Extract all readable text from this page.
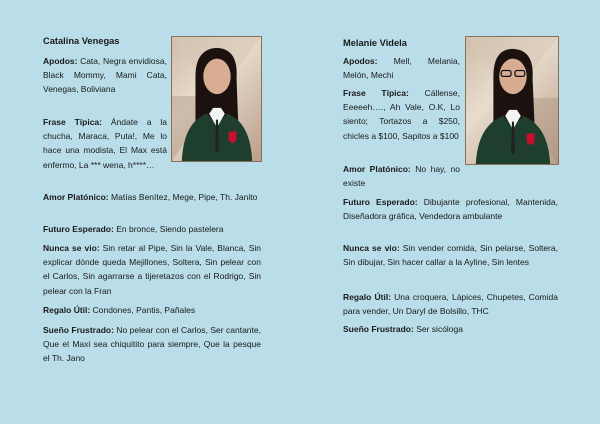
Catalina Venegas

Apodos: Cata, Negra envidiosa, Black Mommy, Mami Cata, Venegas, Boliviana

Frase Típica: Ándate a la chucha, Maraca, Puta!, Me lo hace una modista, El Max está enfermo, La *** wena, h****…

Amor Platónico: Matías Benítez, Mege, Pipe, Th. Janito

Futuro Esperado: En bronce, Siendo pastelera

Nunca se vio: Sin retar al Pipe, Sin la Vale, Blanca, Sin explicar dónde queda Mejillones, Soltera, Sin pelear con el Carlos, Sin agarrarse a tijeretazos con el Rodrigo, Sin pelear con la Fran

Regalo Útil: Condones, Pantis, Pañales

Sueño Frustrado: No pelear con el Carlos, Ser cantante, Que el Maxi sea chiquitito para siempre, Que la pesque el Th. Jano

Melanie Videla

Apodos: Mell, Melania, Melón, Mechi

Frase Típica: Cállense, Eeeeeh…., Ah Vale, O.K, Lo siento; Tortazos a $250, chicles a $100, Sapitos a $100

Amor Platónico: No hay, no existe

Futuro Esperado: Dibujante profesional, Mantenida, Diseñadora gráfica, Vendedora ambulante

Nunca se vio: Sin vender comida, Sin pelarse, Soltera, Sin dibujar, Sin hacer callar a la Ayline, Sin lentes

Regalo Útil: Una croquera, Lápices, Chupetes, Comida para vender, Un Daryl de Bolsillo, THC

Sueño Frustrado: Ser sicóloga
